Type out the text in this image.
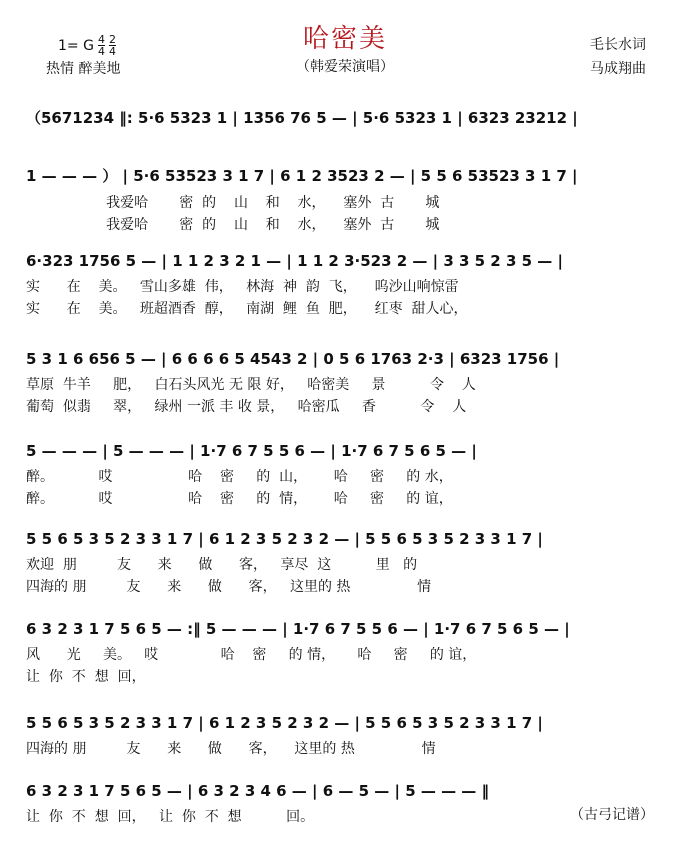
哈密美
（韩爱荣演唱）
1= G $\frac{4}{4} \frac{2}{4}$
热情 醉美地
毛长水词
马成翔曲
（5671234 ‖: 5·6 5323 1 | 1356 76 5 — | 5·6 5323 1 | 6323 23212 |
1 — — — ） | 5·6 53523 3 1 7 | 6 1 2 3523 2 — | 5 5 6 53523 3 1 7 |
我爱哈       密  的    山    和    水，    塞外  古       城
我爱哈       密  的    山    和    水，    塞外  古       城
6·323 1756 5 — | 1 1 2 3 2 1 — | 1 1 2 3·523 2 — | 3 3 5 2 3 5 — |
实      在    美。   雪山多雄  伟，   林海  神  韵  飞，    呜沙山响惊雷
实      在    美。   班超酒香  醇，   南湖  鲤  鱼  肥，    红枣  甜人心，
5 3 1 6 656 5 — | 6 6 6 6 5 4543 2 | 0 5 6 1763 2·3 | 6323 1756 |
草原  牛羊     肥，   白石头风光 无 限 好，   哈密美     景          令    人
葡萄  似翡     翠，   绿州 一派 丰 收 景，   哈密瓜     香          令    人
5 — — — | 5 — — — | 1·7 6 7 5 5 6 — | 1·7 6 7 5 6 5 — |
醉。          哎                 哈    密     的  山，      哈     密     的 水，
醉。          哎                 哈    密     的  情，      哈     密     的 谊，
5 5 6 5 3 5 2 3 3 1 7 | 6 1 2 3 5 2 3 2 — | 5 5 6 5 3 5 2 3 3 1 7 |
欢迎  朋         友      来      做      客，   享尽  这          里   的
四海的 朋         友      来      做      客，   这里的 热               情
6 3 2 3 1 7 5 6 5 — :‖ 5 — — — | 1·7 6 7 5 5 6 — | 1·7 6 7 5 6 5 — |
风      光     美。   哎              哈    密     的 情，     哈     密     的 谊，
让  你  不  想  回，
5 5 6 5 3 5 2 3 3 1 7 | 6 1 2 3 5 2 3 2 — | 5 5 6 5 3 5 2 3 3 1 7 |
四海的 朋         友      来      做      客，    这里的 热               情
6 3 2 3 1 7 5 6 5 — | 6 3 2 3 4 6 — | 6 — 5 — | 5 — — — ‖
让  你  不  想  回，   让  你  不  想          回。	（古弓记谱）
